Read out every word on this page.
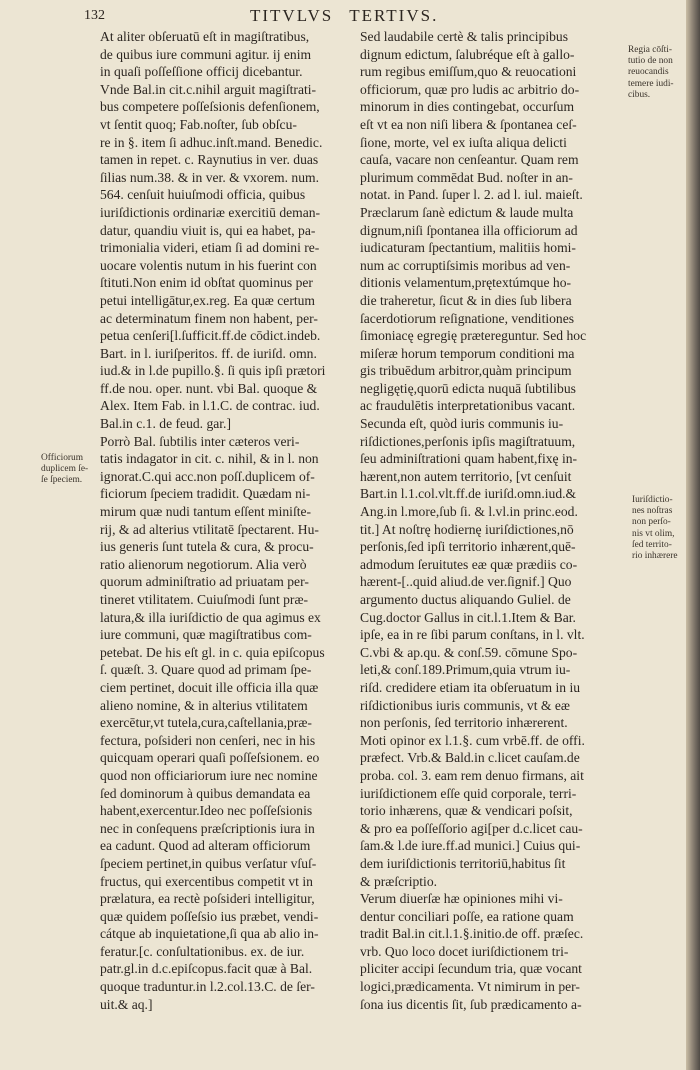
132	TITVLVS TERTIVS.
At aliter obſeruatū eſt in magiſtratibus,
de quibus iure communi agitur. ij enim
in quaſi poſſeſſione officij dicebantur.
Vnde Bal.in cit.c.nihil arguit magiſtrati-
bus competere poſſeſsionis defenſionem,
vt ſentit quoq; Fab.noſter, ſub obſcu-
re in §. item ſi adhuc.inſt.mand. Benedic.
tamen in repet. c. Raynutius in ver. duas
ſilias num.38. & in ver. & vxorem. num.
564. cenſuit huiuſmodi officia, quibus
iuriſdictionis ordinariæ exercitiū deman-
datur, quandiu viuit is, qui ea habet, pa-
trimonialia videri, etiam ſi ad domini re-
uocare volentis nutum in his fuerint con
ſtituti.Non enim id obſtat quominus per
petui intelligātur,ex.reg. Ea quæ certum
ac determinatum finem non habent, per-
petua cenſeri[l.ſufficit.ff.de cōdict.indeb.
Bart. in l. iuriſperitos. ff. de iuriſd. omn.
iud.& in l.de pupillo.§. ſi quis ipſi prætori
ff.de nou. oper. nunt. vbi Bal. quoque &
Alex. Item Fab. in l.1.C. de contrac. iud.
Bal.in c.1. de feud. gar.]
Porrò Bal. ſubtilis inter cæteros veri-
tatis indagator in cit. c. nihil, & in l. non
ignorat.C.qui acc.non poſſ.duplicem of-
ficiorum ſpeciem tradidit. Quædam ni-
mirum quæ nudi tantum eſſent miniſte-
rij, & ad alterius vtilitatē ſpectarent. Hu-
ius generis ſunt tutela & cura, & procu-
ratio alienorum negotiorum. Alia verò
quorum adminiſtratio ad priuatam per-
tineret vtilitatem. Cuiuſmodi ſunt præ-
latura,& illa iuriſdictio de qua agimus ex
iure communi, quæ magiſtratibus com-
petebat. De his eſt gl. in c. quia epiſcopus
ſ. quæſt. 3. Quare quod ad primam ſpe-
ciem pertinet, docuit ille officia illa quæ
alieno nomine, & in alterius vtilitatem
exercētur,vt tutela,cura,caſtellania,præ-
fectura, poſsideri non cenſeri, nec in his
quicquam operari quaſi poſſeſsionem. eo
quod non officiariorum iure nec nomine
ſed dominorum à quibus demandata ea
habent,exercentur.Ideo nec poſſeſsionis
nec in conſequens præſcriptionis iura in
ea cadunt. Quod ad alteram officiorum
ſpeciem pertinet,in quibus verſatur vſuſ-
fructus, qui exercentibus competit vt in
prælatura, ea rectè poſsideri intelligitur,
quæ quidem poſſeſsio ius præbet, vendi-
cátque ab inquietatione,ſi qua ab alio in-
feratur.[c. conſultationibus. ex. de iur.
patr.gl.in d.c.epiſcopus.facit quæ à Bal.
quoque traduntur.in l.2.col.13.C. de ſer-
uit.& aq.]
Sed laudabile certè & talis principibus
dignum edictum, ſalubréque eſt à gallo-
rum regibus emiſſum,quo & reuocationi
officiorum, quæ pro ludis ac arbitrio do-
minorum in dies contingebat, occurſum
eſt vt ea non niſi libera & ſpontanea ceſ-
ſione, morte, vel ex iuſta aliqua delicti
cauſa, vacare non cenſeantur. Quam rem
plurimum commēdat Bud. noſter in an-
notat. in Pand. ſuper l. 2. ad l. iul. maieſt.
Præclarum ſanè edictum & laude multa
dignum,niſi ſpontanea illa officiorum ad
iudicaturam ſpectantium, malitiis homi-
num ac corruptiſsimis moribus ad ven-
ditionis velamentum,prętextúmque ho-
die traheretur, ſicut & in dies ſub libera
ſacerdotiorum reſignatione, venditiones
ſimoniacę egregię prætereguntur. Sed hoc
miſeræ horum temporum conditioni ma
gis tribuēdum arbitror,quàm principum
negligętię,quorū edicta nuquā ſubtilibus
ac fraudulētis interpretationibus vacant.
Secunda eſt, quòd iuris communis iu-
riſdictiones,perſonis ipſis magiſtratuum,
ſeu adminiſtrationi quam habent,fixę in-
hærent,non autem territorio, [vt cenſuit
Bart.in l.1.col.vlt.ff.de iuriſd.omn.iud.&
Ang.in l.more,ſub ſi. & l.vl.in princ.eod.
tit.] At noſtrę hodiernę iuriſdictiones,nō
perſonis,ſed ipſi territorio inhærent,quē-
admodum ſeruitutes eæ quæ prædiis co-
hærent-[..quid aliud.de ver.ſignif.] Quo
argumento ductus aliquando Guliel. de
Cug.doctor Gallus in cit.l.1.Item & Bar.
ipſe, ea in re ſibi parum conſtans, in l. vlt.
C.vbi & ap.qu. & conſ.59. cōmune Spo-
leti,& conſ.189.Primum,quia vtrum iu-
riſd. credidere etiam ita obſeruatum in iu
riſdictionibus iuris communis, vt & eæ
non perſonis, ſed territorio inhærerent.
Moti opinor ex l.1.§. cum vrbē.ff. de offi.
præfect. Vrb.& Bald.in c.licet cauſam.de
proba. col. 3. eam rem denuo firmans, ait
iuriſdictionem eſſe quid corporale, terri-
torio inhærens, quæ & vendicari poſsit,
& pro ea poſſeſſorio agi[per d.c.licet cau-
ſam.& l.de iure.ff.ad munici.] Cuius qui-
dem iuriſdictionis territoriū,habitus ſit
& præſcriptio.
Verum diuerſæ hæ opiniones mihi vi-
dentur conciliari poſſe, ea ratione quam
tradit Bal.in cit.l.1.§.initio.de off. præſec.
vrb. Quo loco docet iuriſdictionem tri-
pliciter accipi ſecundum tria, quæ vocant
logici,prædicamenta. Vt nimirum in per-
ſona ius dicentis ſit, ſub prædicamento a-
Officiorum
duplicem ſe-
ſe ſpeciem.
Regia cōſti-
tutio de non
reuocandis
temere iudi-
cibus.
Iuriſdictio-
nes noſtras
non perſo-
nis vt olim,
ſed territo-
rio inhærere
